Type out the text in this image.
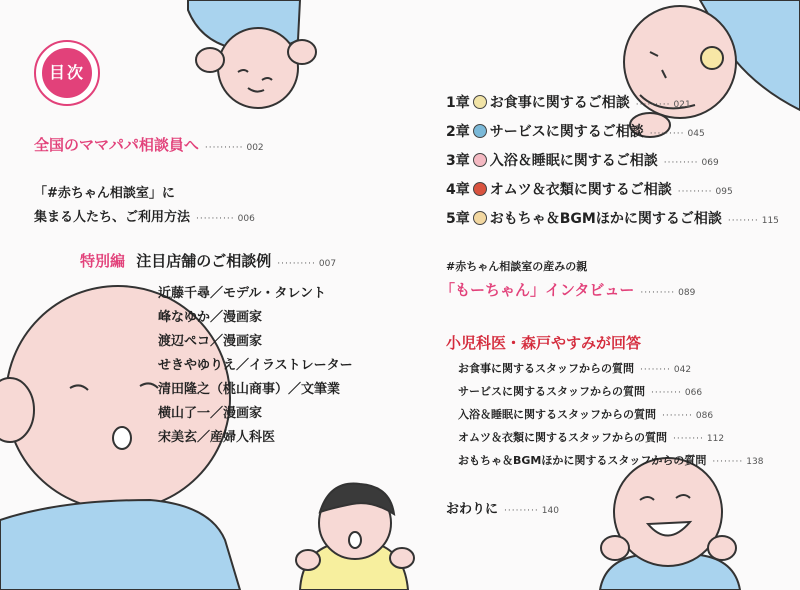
目次
全国のママパパ相談員へ ·········· 002
「#赤ちゃん相談室」に
集まる人たち、ご利用方法 ·········· 006
特別編 注目店舗のご相談例 ·········· 007
近藤千尋／モデル・タレント
峰なゆか／漫画家
渡辺ペコ／漫画家
せきやゆりえ／イラストレーター
清田隆之（桃山商事）／文筆業
横山了一／漫画家
宋美玄／産婦人科医
1章 お食事に関するご相談 ········· 021
2章 サービスに関するご相談 ········· 045
3章 入浴＆睡眠に関するご相談 ········· 069
4章 オムツ＆衣類に関するご相談 ········· 095
5章 おもちゃ＆BGMほかに関するご相談 ········ 115
#赤ちゃん相談室の産みの親
「もーちゃん」インタビュー ········· 089
小児科医・森戸やすみが回答
お食事に関するスタッフからの質問 ········ 042
サービスに関するスタッフからの質問 ········ 066
入浴＆睡眠に関するスタッフからの質問 ········ 086
オムツ＆衣類に関するスタッフからの質問 ········ 112
おもちゃ＆BGMほかに関するスタッフからの質問 ········ 138
おわりに ········· 140
